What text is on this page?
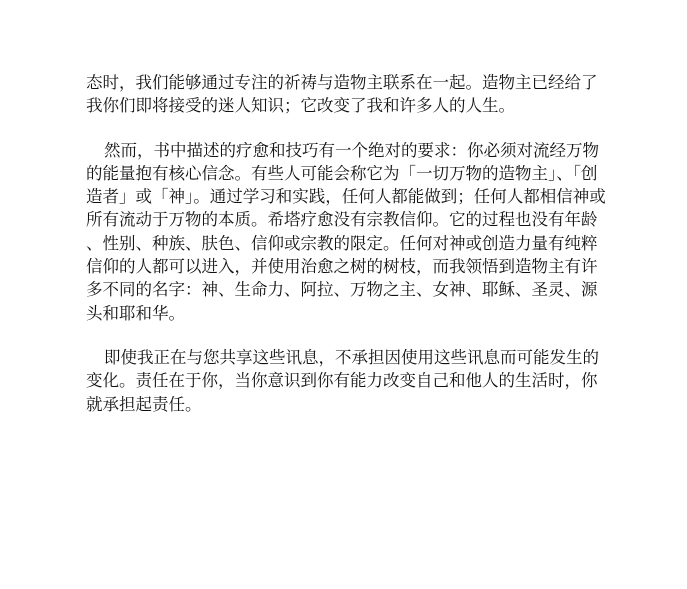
态时，我们能够通过专注的祈祷与造物主联系在一起。造物主已经给了我你们即将接受的迷人知识；它改变了我和许多人的人生。

然而，书中描述的疗愈和技巧有一个绝对的要求：你必须对流经万物的能量抱有核心信念。有些人可能会称它为「一切万物的造物主」、「创造者」或「神」。通过学习和实践，任何人都能做到；任何人都相信神或所有流动于万物的本质。希塔疗愈没有宗教信仰。它的过程也没有年龄、性别、种族、肤色、信仰或宗教的限定。任何对神或创造力量有纯粹信仰的人都可以进入，并使用治愈之树的树枝，而我领悟到造物主有许多不同的名字：神、生命力、阿拉、万物之主、女神、耶稣、圣灵、源头和耶和华。

即使我正在与您共享这些讯息，不承担因使用这些讯息而可能发生的变化。责任在于你，当你意识到你有能力改变自己和他人的生活时，你就承担起责任。
